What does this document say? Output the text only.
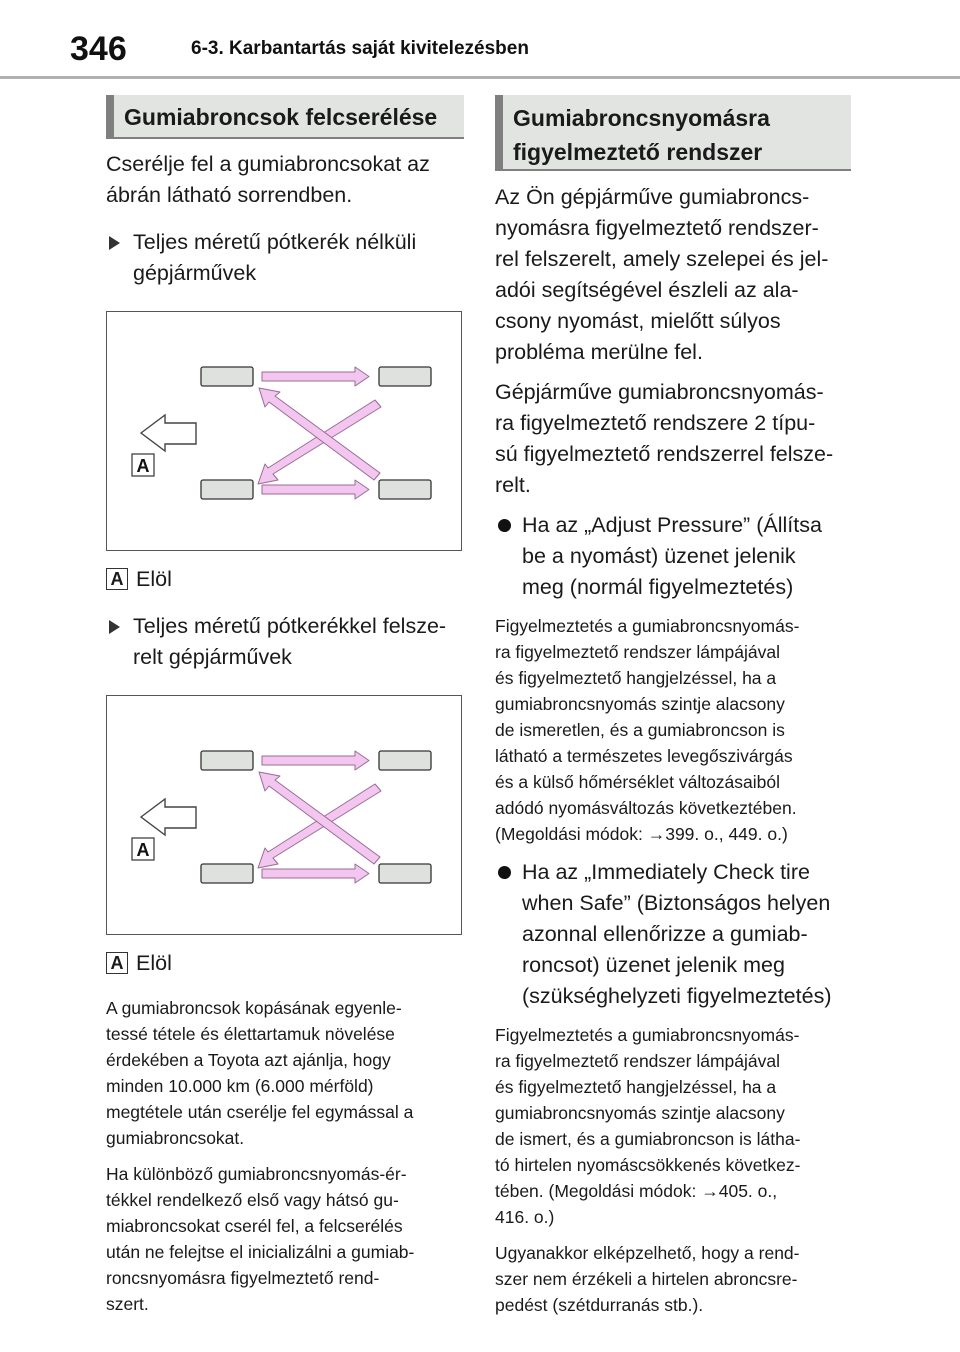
346	6-3. Karbantartás saját kivitelezésben
Gumiabroncsok felcserélése

Cserélje fel a gumiabroncsokat az

ábrán látható sorrendben.

Teljes méretű pótkerék nélküli
gépjárművek
A
A Elöl
Teljes méretű pótkerékkel felsze-
relt gépjárművek
A
A Elöl

A gumiabroncsok kopásának egyenle-

tessé tétele és élettartamuk növelése

érdekében a Toyota azt ajánlja, hogy

minden 10.000 km (6.000 mérföld)

megtétele után cserélje fel egymással a

gumiabroncsokat.

Ha különböző gumiabroncsnyomás-ér-

tékkel rendelkező első vagy hátsó gu-

miabroncsokat cserél fel, a felcserélés

után ne felejtse el inicializálni a gumiab-

roncsnyomásra figyelmeztető rend-

szert.

Gumiabroncsnyomásra
figyelmeztető rendszer

Az Ön gépjárműve gumiabroncs-

nyomásra figyelmeztető rendszer-

rel felszerelt, amely szelepei és jel-

adói segítségével észleli az ala-

csony nyomást, mielőtt súlyos

probléma merülne fel.

Gépjárműve gumiabroncsnyomás-

ra figyelmeztető rendszere 2 típu-

sú figyelmeztető rendszerrel felsze-

relt.

Ha az „Adjust Pressure” (Állítsa
be a nyomást) üzenet jelenik
meg (normál figyelmeztetés)

Figyelmeztetés a gumiabroncsnyomás-

ra figyelmeztető rendszer lámpájával

és figyelmeztető hangjelzéssel, ha a

gumiabroncsnyomás szintje alacsony

de ismeretlen, és a gumiabroncson is

látható a természetes levegőszivárgás

és a külső hőmérséklet változásaiból

adódó nyomásváltozás következtében.

(Megoldási módok: →399. o., 449. o.)

Ha az „Immediately Check tire
when Safe” (Biztonságos helyen
azonnal ellenőrizze a gumiab-
roncsot) üzenet jelenik meg
(szükséghelyzeti figyelmeztetés)

Figyelmeztetés a gumiabroncsnyomás-

ra figyelmeztető rendszer lámpájával

és figyelmeztető hangjelzéssel, ha a

gumiabroncsnyomás szintje alacsony

de ismert, és a gumiabroncson is látha-

tó hirtelen nyomáscsökkenés következ-

tében. (Megoldási módok: →405. o.,

416. o.)

Ugyanakkor elképzelhető, hogy a rend-

szer nem érzékeli a hirtelen abroncsre-

pedést (szétdurranás stb.).
